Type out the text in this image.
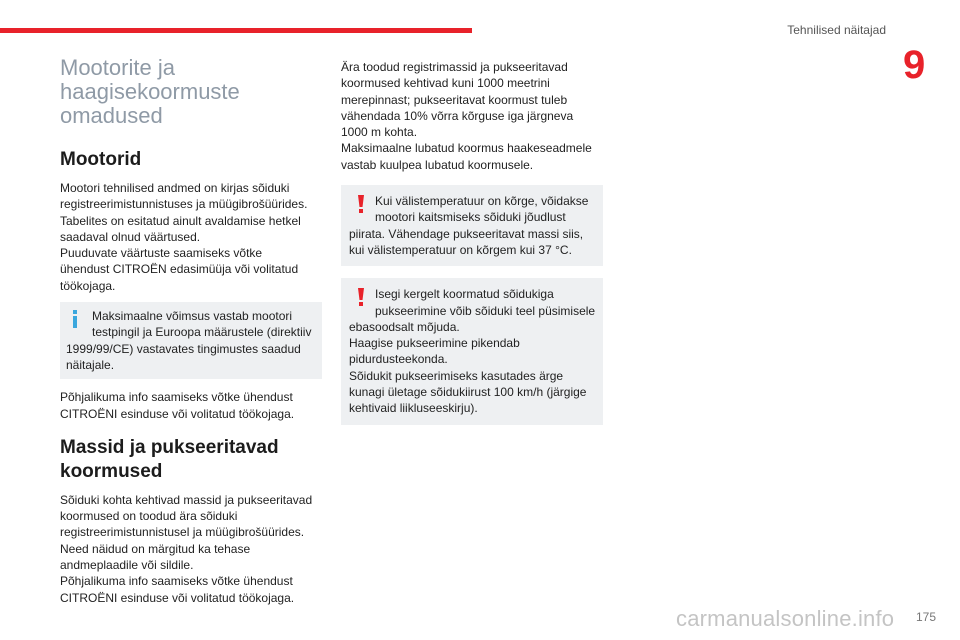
Tehnilised näitajad
9
Mootorite ja
haagisekoormuste
omadused
Mootorid

Mootori tehnilised andmed on kirjas sõiduki
registreerimistunnistuses ja müügibrošüürides.
Tabelites on esitatud ainult avaldamise hetkel
saadaval olnud väärtused.
Puuduvate väärtuste saamiseks võtke
ühendust CITROËN edasimüüja või volitatud
töökojaga.

Maksimaalne võimsus vastab mootori
testpingil ja Euroopa määrustele (direktiiv
1999/99/CE) vastavates tingimustes saadud
näitajale.

Põhjalikuma info saamiseks võtke ühendust
CITROËNI esinduse või volitatud töökojaga.

Massid ja pukseeritavad
koormused

Sõiduki kohta kehtivad massid ja pukseeritavad
koormused on toodud ära sõiduki
registreerimistunnistusel ja müügibrošüürides.
Need näidud on märgitud ka tehase
andmeplaadile või sildile.
Põhjalikuma info saamiseks võtke ühendust
CITROËNI esinduse või volitatud töökojaga.

Ära toodud registrimassid ja pukseeritavad
koormused kehtivad kuni 1000 meetrini
merepinnast; pukseeritavat koormust tuleb
vähendada 10% võrra kõrguse iga järgneva
1000 m kohta.
Maksimaalne lubatud koormus haakeseadmele
vastab kuulpea lubatud koormusele.

Kui välistemperatuur on kõrge, võidakse
mootori kaitsmiseks sõiduki jõudlust
piirata. Vähendage pukseeritavat massi siis,
kui välistemperatuur on kõrgem kui 37 °C.
Isegi kergelt koormatud sõidukiga
pukseerimine võib sõiduki teel püsimisele
ebasoodsalt mõjuda.
Haagise pukseerimine pikendab
pidurdusteekonda.
Sõidukit pukseerimiseks kasutades ärge
kunagi ületage sõidukiirust 100 km/h (järgige
kehtivaid liikluseeskirju).
carmanualsonline.info 175
